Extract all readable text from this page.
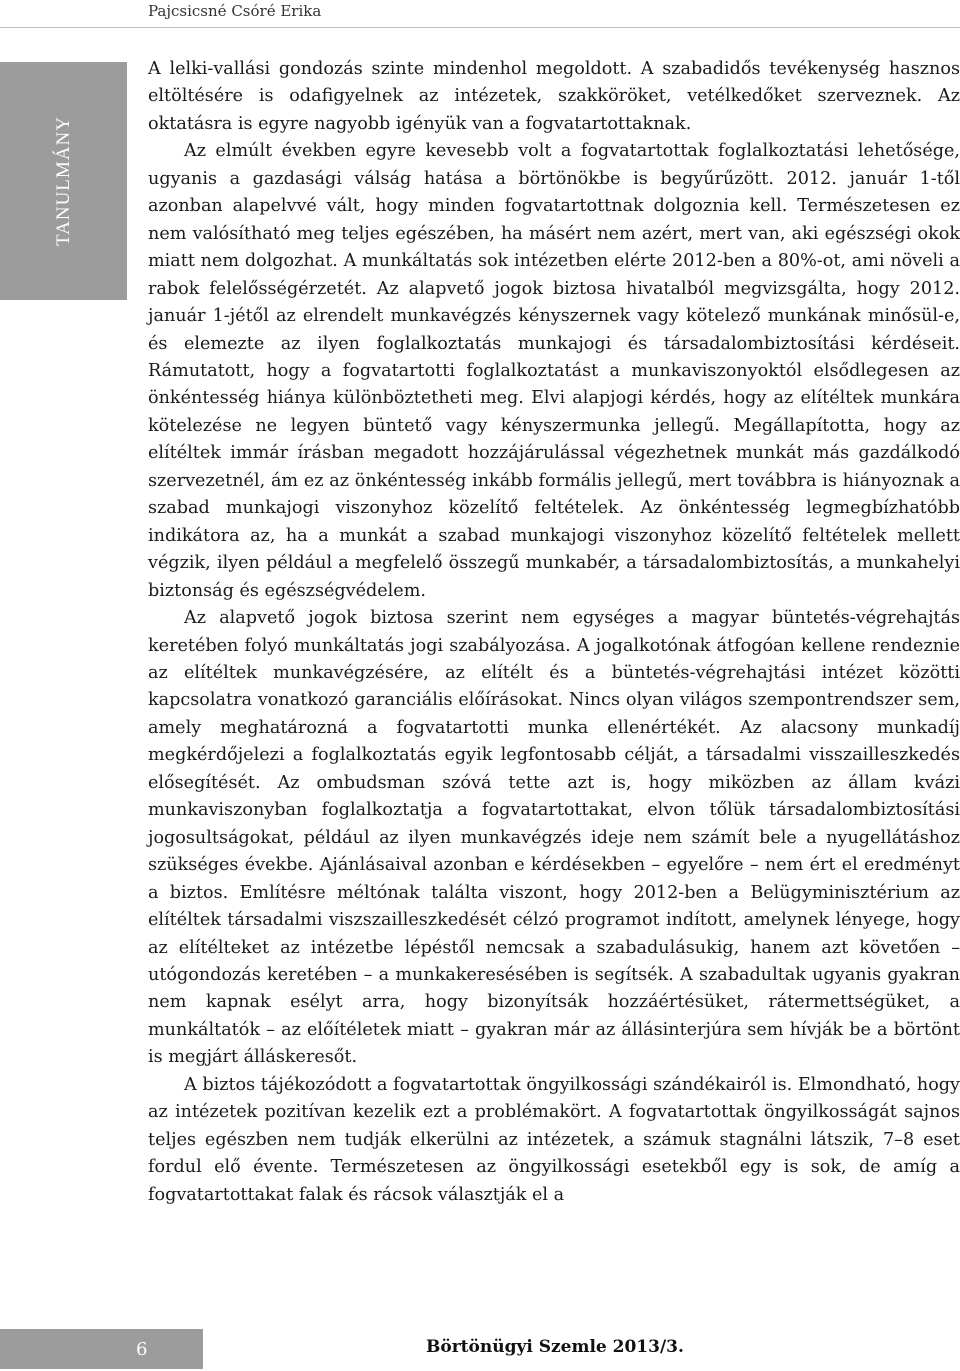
Pajcsicsné Csóré Erika
TANULMÁNY

A lelki-vallási gondozás szinte mindenhol megoldott. A szabadidős tevékenység hasznos eltöltésére is odafigyelnek az intézetek, szakköröket, vetélkedőket szerveznek. Az oktatásra is egyre nagyobb igényük van a fogvatartottaknak.

Az elmúlt években egyre kevesebb volt a fogvatartottak foglalkoztatási lehetősége, ugyanis a gazdasági válság hatása a börtönökbe is begyűrűzött. 2012. január 1-től azonban alapelvvé vált, hogy minden fogvatartottnak dolgoznia kell. Természetesen ez nem valósítható meg teljes egészében, ha másért nem azért, mert van, aki egészségi okok miatt nem dolgozhat. A munkáltatás sok intézetben elérte 2012-ben a 80%-ot, ami növeli a rabok felelősségérzetét. Az alapvető jogok biztosa hivatalból megvizsgálta, hogy 2012. január 1-jétől az elrendelt munkavégzés kényszernek vagy kötelező munkának minősül-e, és elemezte az ilyen foglalkoztatás munkajogi és társadalombiztosítási kérdéseit. Rámutatott, hogy a fogvatartotti foglalkoztatást a munkaviszonyoktól elsődlegesen az önkéntesség hiánya különböztetheti meg. Elvi alapjogi kérdés, hogy az elítéltek munkára kötelezése ne legyen büntető vagy kényszermunka jellegű. Megállapította, hogy az elítéltek immár írásban megadott hozzájárulással végezhetnek munkát más gazdálkodó szervezetnél, ám ez az önkéntesség inkább formális jellegű, mert továbbra is hiányoznak a szabad munkajogi viszonyhoz közelítő feltételek. Az önkéntesség legmegbízhatóbb indikátora az, ha a munkát a szabad munkajogi viszonyhoz közelítő feltételek mellett végzik, ilyen például a megfelelő összegű munkabér, a társadalombiztosítás, a munkahelyi biztonság és egészségvédelem.

Az alapvető jogok biztosa szerint nem egységes a magyar büntetés-végrehajtás keretében folyó munkáltatás jogi szabályozása. A jogalkotónak átfogóan kellene rendeznie az elítéltek munkavégzésére, az elítélt és a büntetés-végrehajtási intézet közötti kapcsolatra vonatkozó garanciális előírásokat. Nincs olyan világos szempontrendszer sem, amely meghatározná a fogvatartotti munka ellenértékét. Az alacsony munkadíj megkérdőjelezi a foglalkoztatás egyik legfontosabb célját, a társadalmi visszailleszkedés elősegítését. Az ombudsman szóvá tette azt is, hogy miközben az állam kvázi munkaviszonyban foglalkoztatja a fogvatartottakat, elvon tőlük társadalombiztosítási jogosultságokat, például az ilyen munkavégzés ideje nem számít bele a nyugellátáshoz szükséges évekbe. Ajánlásaival azonban e kérdésekben – egyelőre – nem ért el eredményt a biztos. Említésre méltónak találta viszont, hogy 2012-ben a Belügyminisztérium az elítéltek társadalmi viszszailleszkedését célzó programot indított, amelynek lényege, hogy az elítélteket az intézetbe lépéstől nemcsak a szabadulásukig, hanem azt követően – utógondozás keretében – a munkakeresésében is segítsék. A szabadultak ugyanis gyakran nem kapnak esélyt arra, hogy bizonyítsák hozzáértésüket, rátermettségüket, a munkáltatók – az előítéletek miatt – gyakran már az állásinterjúra sem hívják be a börtönt is megjárt álláskeresőt.

A biztos tájékozódott a fogvatartottak öngyilkossági szándékairól is. Elmondható, hogy az intézetek pozitívan kezelik ezt a problémakört. A fogvatartottak öngyilkosságát sajnos teljes egészben nem tudják elkerülni az intézetek, a számuk stagnálni látszik, 7–8 eset fordul elő évente. Természetesen az öngyilkossági esetekből egy is sok, de amíg a fogvatartottakat falak és rácsok választják el a

6	Börtönügyi Szemle 2013/3.
